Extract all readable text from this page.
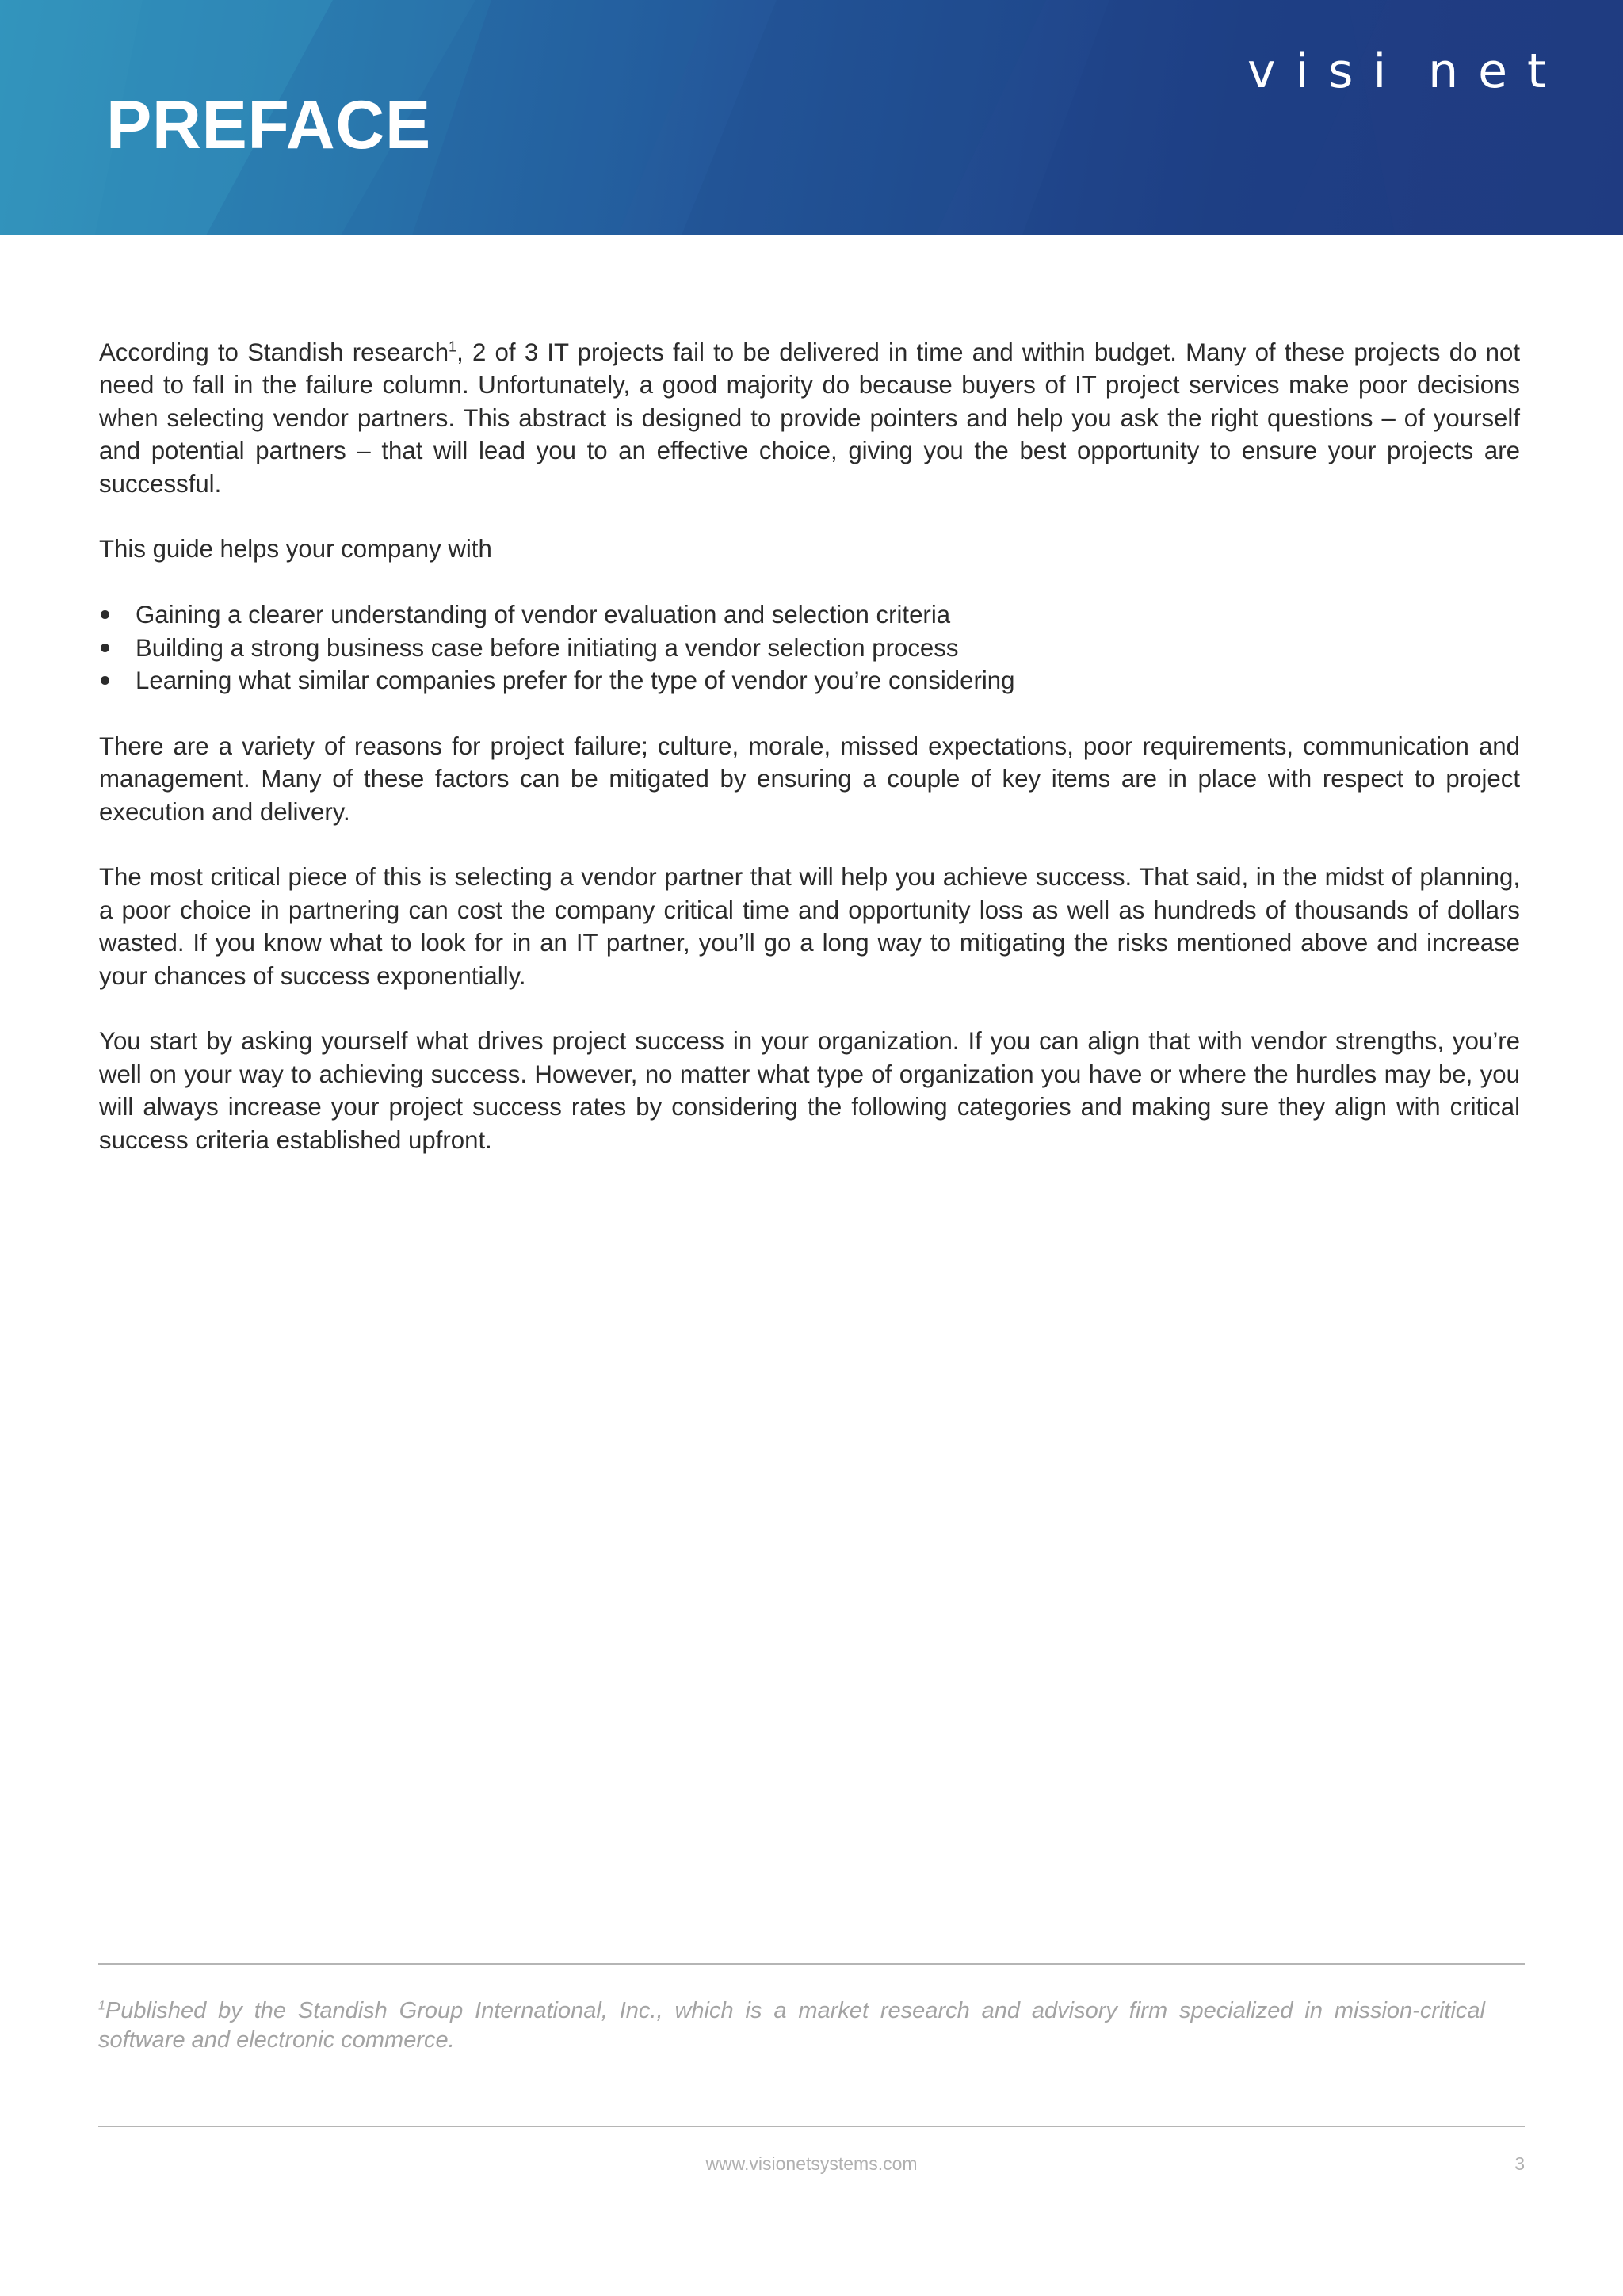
PREFACE
visi net

According to Standish research$^1$, 2 of 3 IT projects fail to be delivered in time and within budget. Many of these projects do not need to fall in the failure column. Unfortunately, a good majority do because buyers of IT project services make poor decisions when selecting vendor partners. This abstract is designed to provide pointers and help you ask the right questions – of yourself and potential partners – that will lead you to an effective choice, giving you the best opportunity to ensure your projects are successful.

This guide helps your company with

Gaining a clearer understanding of vendor evaluation and selection criteria
Building a strong business case before initiating a vendor selection process
Learning what similar companies prefer for the type of vendor you’re considering

There are a variety of reasons for project failure; culture, morale, missed expectations, poor requirements, communication and management. Many of these factors can be mitigated by ensuring a couple of key items are in place with respect to project execution and delivery.

The most critical piece of this is selecting a vendor partner that will help you achieve success. That said, in the midst of planning, a poor choice in partnering can cost the company critical time and opportunity loss as well as hundreds of thousands of dollars wasted. If you know what to look for in an IT partner, you’ll go a long way to mitigating the risks mentioned above and increase your chances of success exponentially.

You start by asking yourself what drives project success in your organization. If you can align that with vendor strengths, you’re well on your way to achieving success. However, no matter what type of organization you have or where the hurdles may be, you will always increase your project success rates by considering the following categories and making sure they align with critical success criteria established upfront.

$^1$Published by the Standish Group International, Inc., which is a market research and advisory firm specialized in mission-critical software and electronic commerce.

www.visionetsystems.com	3
